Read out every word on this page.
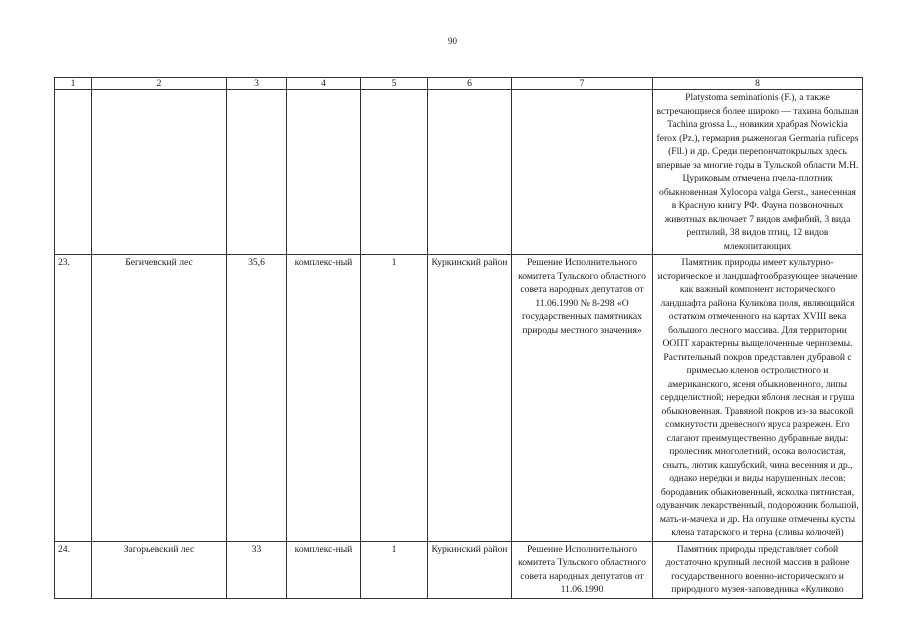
90
1	2	3	4	5	6	7	8
							Platystoma seminationis (F.), а также встречающиеся более широко — тахина большая Tachina grossa L., новикия храбрая Nowickia ferox (Pz.), гермария рыженогая Germaria ruficeps (Fll.) и др. Среди перепончатокрылых здесь впервые за многие годы в Тульской области М.Н. Цуриковым отмечена пчела-плотник обыкновенная Xylocopa valga Gerst., занесенная в Красную книгу РФ. Фауна позвоночных животных включает 7 видов амфибий, 3 вида рептилий, 38 видов птиц, 12 видов млекопитающих
23.	Бегичевский лес	35,6	комплекс-ный	1	Куркинский район	Решение Исполнительного комитета Тульского областного совета народных депутатов от 11.06.1990 № 8-298 «О государственных памятниках природы местного значения»	Памятник природы имеет культурно-историческое и ландшафтообразующее значение как важный компонент исторического ландшафта района Куликова поля, являющийся остатком отмеченного на картах XVIII века большого лесного массива. Для территории ООПТ характерны выщелоченные черноземы. Растительный покров представлен дубравой с примесью кленов остролистного и американского, ясеня обыкновенного, липы сердцелистной; нередки яблоня лесная и груша обыкновенная. Травяной покров из-за высокой сомкнутости древесного яруса разрежен. Его слагают преимущественно дубравные виды: пролесник многолетний, осока волосистая, сныть, лютик кашубский, чина весенняя и др., однако нередки и виды нарушенных лесов: бородавник обыкновенный, ясколка пятнистая, одуванчик лекарственный, подорожник большой, мать-и-мачеха и др. На опушке отмечены кусты клена татарского и терна (сливы колючей)
24.	Загорьевский лес	33	комплекс-ный	1	Куркинский район	Решение Исполнительного комитета Тульского областного совета народных депутатов от 11.06.1990	Памятник природы представляет собой достаточно крупный лесной массив в районе государственного военно-исторического и природного музея-заповедника «Куликово
